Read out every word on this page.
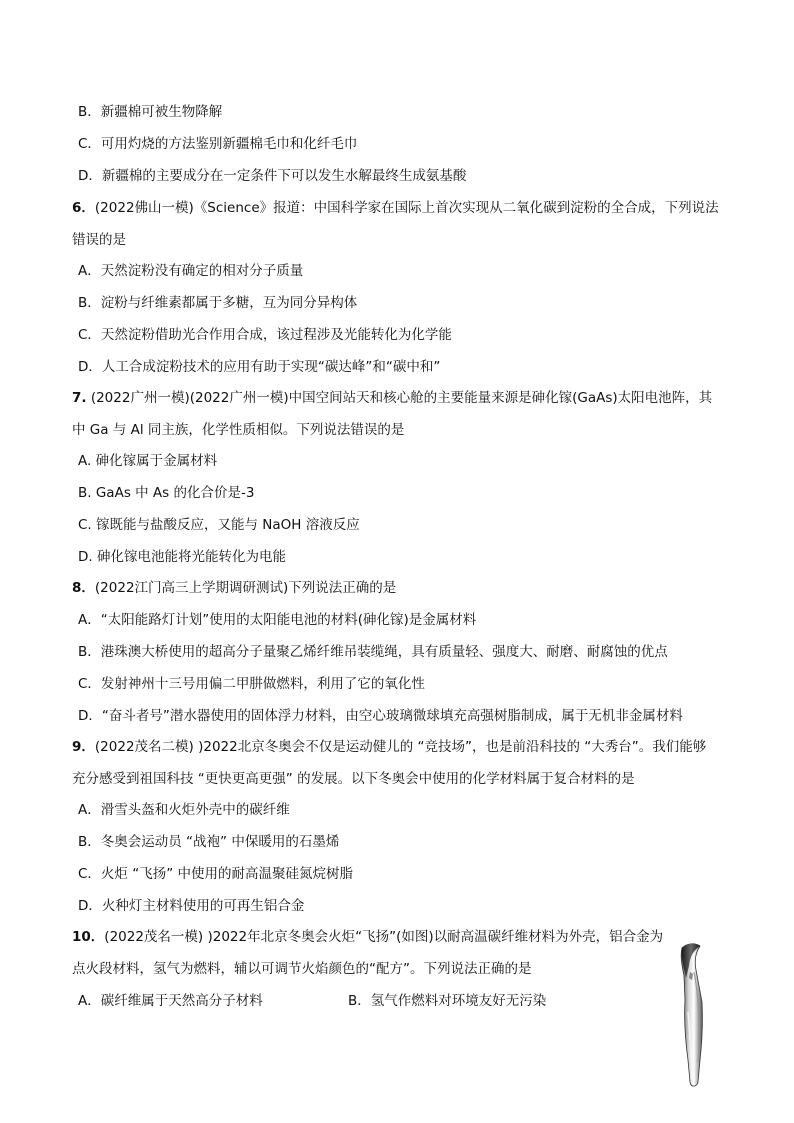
B．新疆棉可被生物降解
C．可用灼烧的方法鉴别新疆棉毛巾和化纤毛巾
D．新疆棉的主要成分在一定条件下可以发生水解最终生成氨基酸
6．(2022佛山一模)《Science》报道：中国科学家在国际上首次实现从二氧化碳到淀粉的全合成，下列说法
错误的是
A．天然淀粉没有确定的相对分子质量
B．淀粉与纤维素都属于多糖，互为同分异构体
C．天然淀粉借助光合作用合成，该过程涉及光能转化为化学能
D．人工合成淀粉技术的应用有助于实现“碳达峰”和“碳中和”
7. (2022广州一模)(2022广州一模)中国空间站天和核心舱的主要能量来源是砷化镓(GaAs)太阳电池阵，其
中 Ga 与 Al 同主族，化学性质相似。下列说法错误的是
A. 砷化镓属于金属材料
B. GaAs 中 As 的化合价是-3
C. 镓既能与盐酸反应，又能与 NaOH 溶液反应
D. 砷化镓电池能将光能转化为电能
8．(2022江门高三上学期调研测试)下列说法正确的是
A．“太阳能路灯计划”使用的太阳能电池的材料(砷化镓)是金属材料
B．港珠澳大桥使用的超高分子量聚乙烯纤维吊装缆绳，具有质量轻、强度大、耐磨、耐腐蚀的优点
C．发射神州十三号用偏二甲肼做燃料，利用了它的氧化性
D．“奋斗者号”潜水器使用的固体浮力材料，由空心玻璃微球填充高强树脂制成，属于无机非金属材料
9．(2022茂名二模) )2022北京冬奥会不仅是运动健儿的 “竞技场”，也是前沿科技的 “大秀台”。我们能够
充分感受到祖国科技 “更快更高更强” 的发展。以下冬奥会中使用的化学材料属于复合材料的是
A．滑雪头盔和火炬外壳中的碳纤维
B．冬奥会运动员 “战袍” 中保暖用的石墨烯
C．火炬 “飞扬” 中使用的耐高温聚硅氮烷树脂
D．火种灯主材料使用的可再生铝合金
10．(2022茂名一模) )2022年北京冬奥会火炬“飞扬”(如图)以耐高温碳纤维材料为外壳，铝合金为
点火段材料，氢气为燃料，辅以可调节火焰颜色的“配方”。下列说法正确的是
A．碳纤维属于天然高分子材料	B．氢气作燃料对环境友好无污染
